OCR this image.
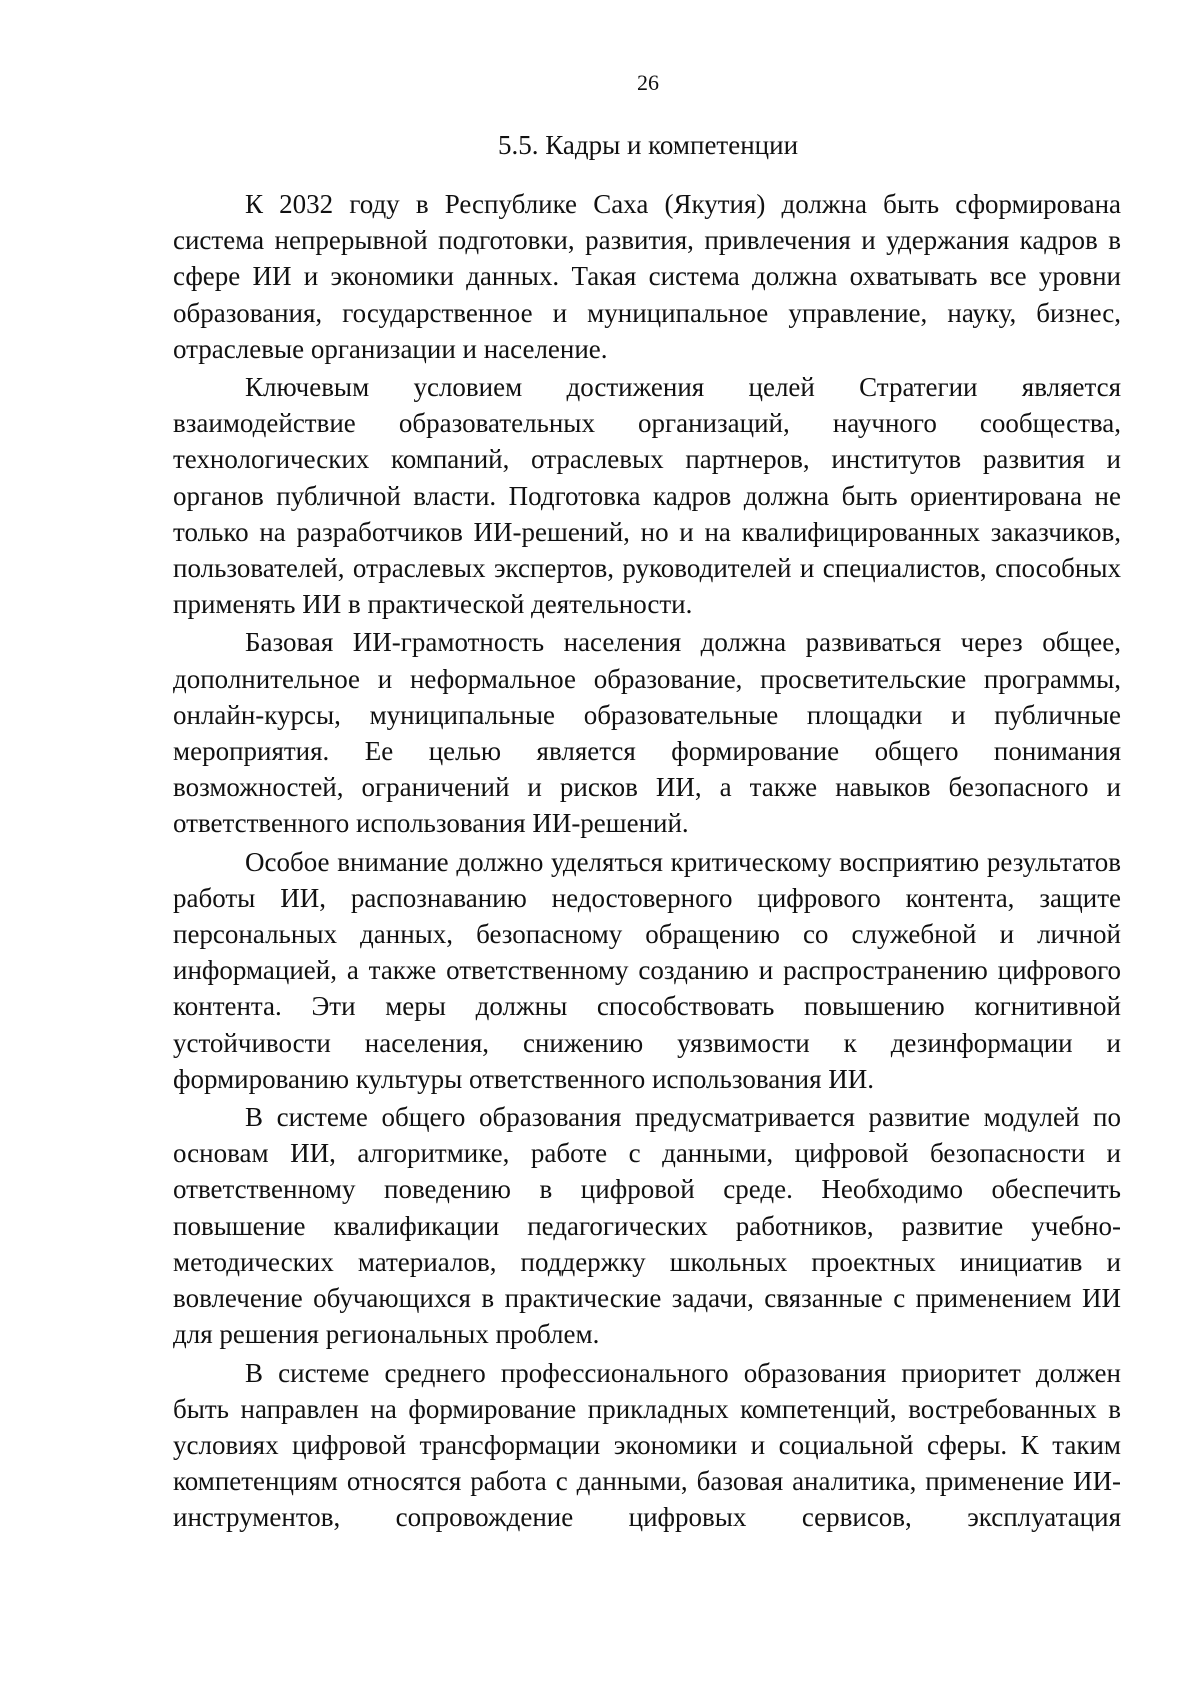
26
5.5. Кадры и компетенции

К 2032 году в Республике Саха (Якутия) должна быть сформирована система непрерывной подготовки, развития, привлечения и удержания кадров в сфере ИИ и экономики данных. Такая система должна охватывать все уровни образования, государственное и муниципальное управление, науку, бизнес, отраслевые организации и население.

Ключевым условием достижения целей Стратегии является взаимодействие образовательных организаций, научного сообщества, технологических компаний, отраслевых партнеров, институтов развития и органов публичной власти. Подготовка кадров должна быть ориентирована не только на разработчиков ИИ-решений, но и на квалифицированных заказчиков, пользователей, отраслевых экспертов, руководителей и специалистов, способных применять ИИ в практической деятельности.

Базовая ИИ-грамотность населения должна развиваться через общее, дополнительное и неформальное образование, просветительские программы, онлайн-курсы, муниципальные образовательные площадки и публичные мероприятия. Ее целью является формирование общего понимания возможностей, ограничений и рисков ИИ, а также навыков безопасного и ответственного использования ИИ-решений.

Особое внимание должно уделяться критическому восприятию результатов работы ИИ, распознаванию недостоверного цифрового контента, защите персональных данных, безопасному обращению со служебной и личной информацией, а также ответственному созданию и распространению цифрового контента. Эти меры должны способствовать повышению когнитивной устойчивости населения, снижению уязвимости к дезинформации и формированию культуры ответственного использования ИИ.

В системе общего образования предусматривается развитие модулей по основам ИИ, алгоритмике, работе с данными, цифровой безопасности и ответственному поведению в цифровой среде. Необходимо обеспечить повышение квалификации педагогических работников, развитие учебно-методических материалов, поддержку школьных проектных инициатив и вовлечение обучающихся в практические задачи, связанные с применением ИИ для решения региональных проблем.

В системе среднего профессионального образования приоритет должен быть направлен на формирование прикладных компетенций, востребованных в условиях цифровой трансформации экономики и социальной сферы. К таким компетенциям относятся работа с данными, базовая аналитика, применение ИИ-инструментов, сопровождение цифровых сервисов, эксплуатация
